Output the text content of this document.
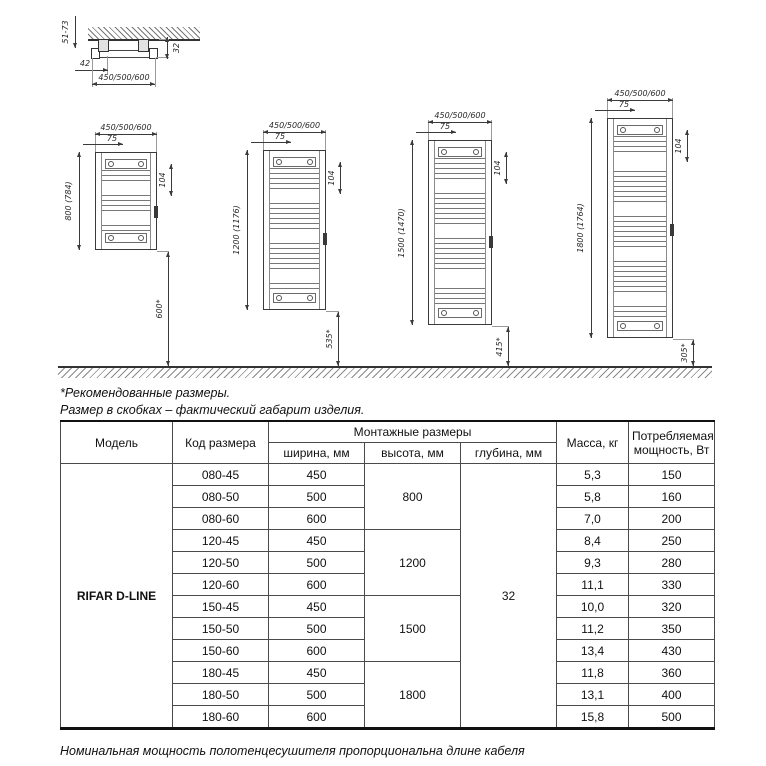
51-73
42
450/500/600
32
450/500/600
75
800 (784)
104
600*
450/500/600
75
1200 (1176)
104
535*
450/500/600
75
1500 (1470)
104
415*
450/500/600
75
1800 (1764)
104
305*
*Рекомендованные размеры.
Размер в скобках – фактический габарит изделия.
Модель	Код размера	Монтажные размеры			Масса, кг	Потребляемая мощность, Вт
		ширина, мм	высота, мм	глубина, мм		
RIFAR D-LINE	080-45	450	800	32	5,3	150
	080-50	500			5,8	160
	080-60	600			7,0	200
	120-45	450	1200		8,4	250
	120-50	500			9,3	280
	120-60	600			11,1	330
	150-45	450	1500		10,0	320
	150-50	500			11,2	350
	150-60	600			13,4	430
	180-45	450	1800		11,8	360
	180-50	500			13,1	400
	180-60	600			15,8	500
Номинальная мощность полотенцесушителя пропорциональна длине кабеля
